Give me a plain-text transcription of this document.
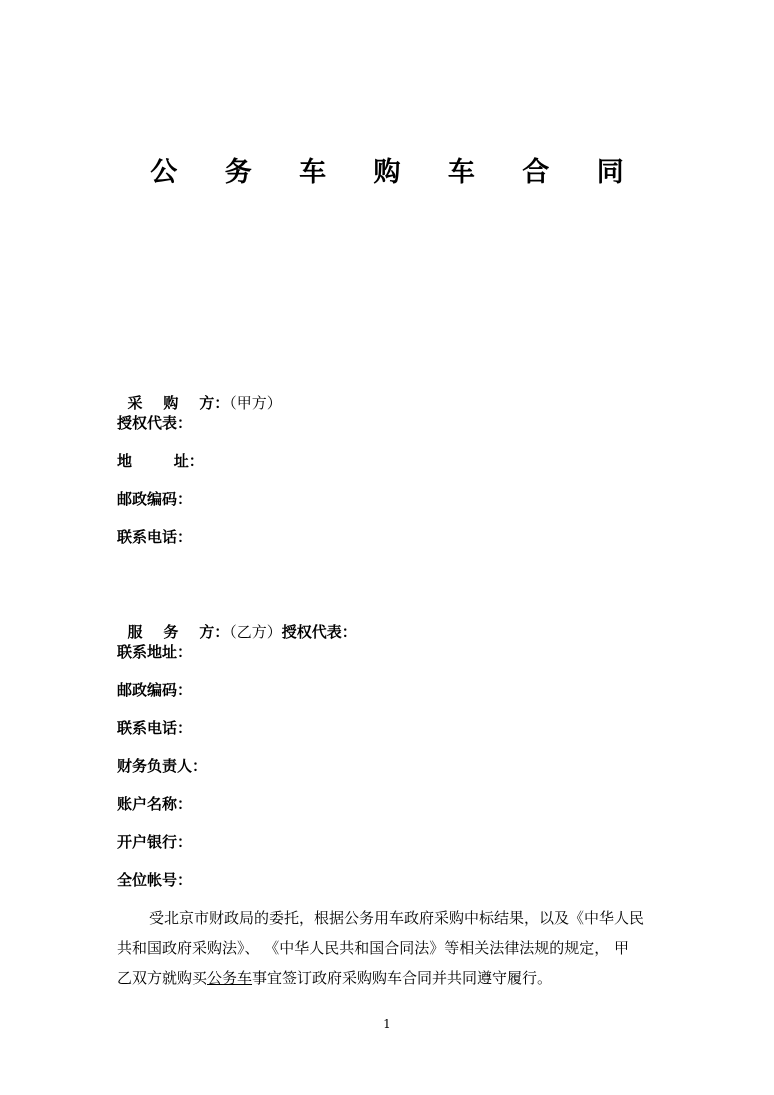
公 务 车 购 车 合 同

采    购    方：（甲方）

授权代表：
地        址：
邮政编码：
联系电话：

服    务    方：（乙方）授权代表：

联系地址：
邮政编码：
联系电话：
财务负责人：
账户名称：
开户银行：
全位帐号：
受北京市财政局的委托，根据公务用车政府采购中标结果，以及《中华人民
共和国政府采购法》、 《中华人民共和国合同法》等相关法律法规的规定， 甲
乙双方就购买公务车事宜签订政府采购购车合同并共同遵守履行。
1
